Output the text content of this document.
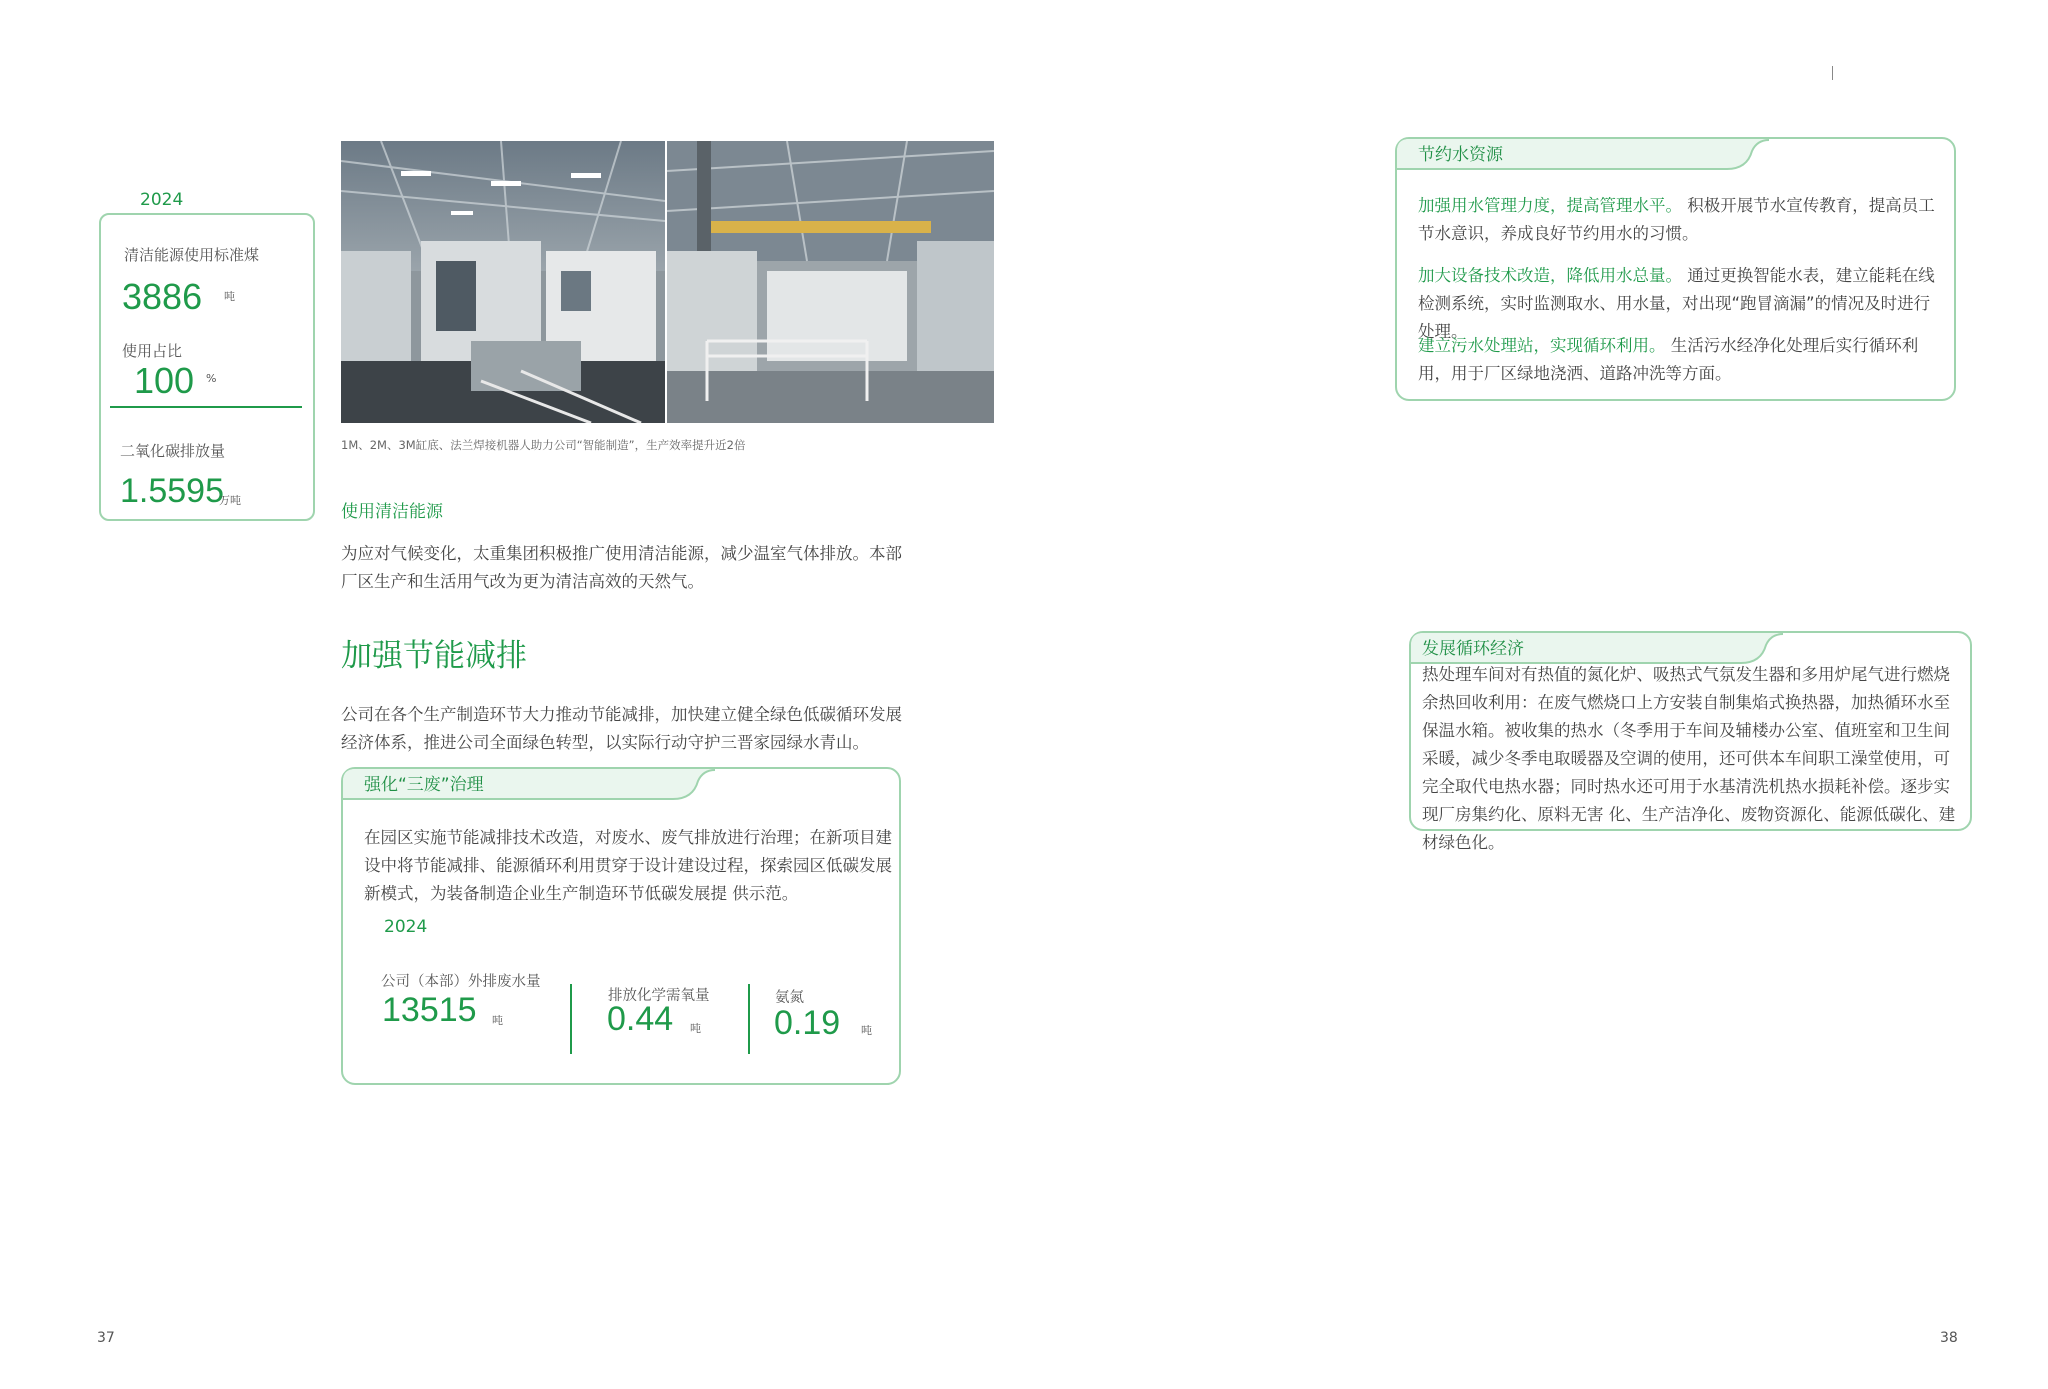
2024
清洁能源使用标准煤
3886 吨
使用占比
100 %
二氧化碳排放量
1.5595
万吨
1M、2M、3M缸底、法兰焊接机器人助力公司“智能制造”，生产效率提升近2倍
使用清洁能源
为应对气候变化，太重集团积极推广使用清洁能源，减少温室气体排放。本部厂区生产和生活用气改为更为清洁高效的天然气。
加强节能减排
公司在各个生产制造环节大力推动节能减排，加快建立健全绿色低碳循环发展经济体系，推进公司全面绿色转型，以实际行动守护三晋家园绿水青山。
强化“三废”治理
在园区实施节能减排技术改造，对废水、废气排放进行治理；在新项目建设中将节能减排、能源循环利用贯穿于设计建设过程，探索园区低碳发展新模式，为装备制造企业生产制造环节低碳发展提 供示范。
2024
公司（本部）外排废水量
13515 吨
排放化学需氧量
0.44 吨
氨氮
0.19 吨
节约水资源
加强用水管理力度，提高管理水平。 积极开展节水宣传教育，提高员工节水意识，养成良好节约用水的习惯。
加大设备技术改造，降低用水总量。 通过更换智能水表，建立能耗在线检测系统，实时监测取水、用水量，对出现“跑冒滴漏”的情况及时进行处理。
建立污水处理站，实现循环利用。 生活污水经净化处理后实行循环利用，用于厂区绿地浇洒、道路冲洗等方面。
发展循环经济
热处理车间对有热值的氮化炉、吸热式气氛发生器和多用炉尾气进行燃烧余热回收利用：在废气燃烧口上方安装自制集焰式换热器，加热循环水至保温水箱。被收集的热水（冬季用于车间及辅楼办公室、值班室和卫生间采暖，减少冬季电取暖器及空调的使用，还可供本车间职工澡堂使用，可完全取代电热水器；同时热水还可用于水基清洗机热水损耗补偿。逐步实现厂房集约化、原料无害 化、生产洁净化、废物资源化、能源低碳化、建材绿色化。
37	38
